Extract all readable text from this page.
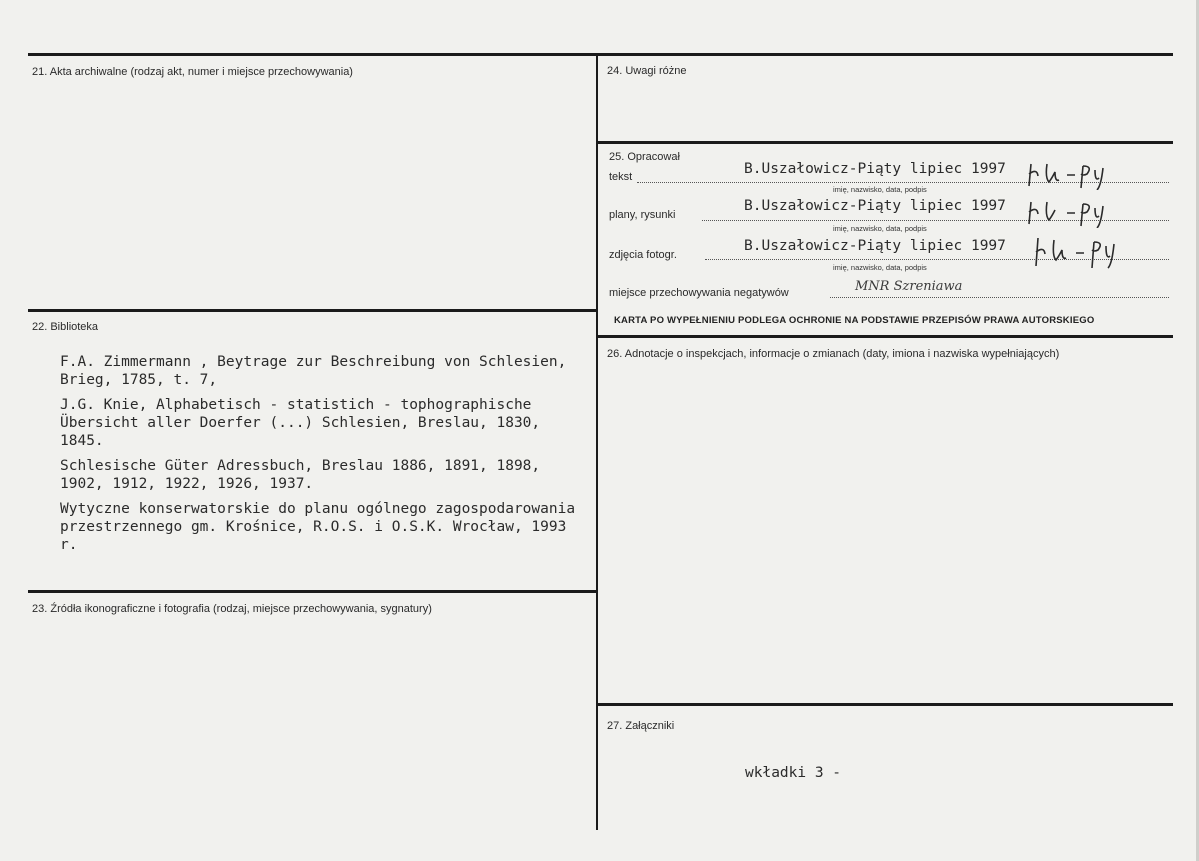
21. Akta archiwalne (rodzaj akt, numer i miejsce przechowywania)
22. Biblioteka

F.A. Zimmermann , Beytrage zur Beschreibung von Schlesien, Brieg, 1785, t. 7,

J.G. Knie, Alphabetisch - statistich - tophographische Übersicht aller Doerfer (...) Schlesien, Breslau, 1830, 1845.

Schlesische Güter Adressbuch, Breslau 1886, 1891, 1898, 1902, 1912, 1922, 1926, 1937.

Wytyczne konserwatorskie do planu ogólnego zagospodarowania przestrzennego gm. Krośnice, R.O.S. i O.S.K. Wrocław, 1993 r.

23. Źródła ikonograficzne i fotografia (rodzaj, miejsce przechowywania, sygnatury)
24. Uwagi różne
25. Opracował
tekst	B.Uszałowicz-Piąty lipiec 1997
imię, nazwisko, data, podpis
plany, rysunki
B.Uszałowicz-Piąty lipiec 1997
imię, nazwisko, data, podpis
zdjęcia fotogr.
B.Uszałowicz-Piąty lipiec 1997
imię, nazwisko, data, podpis
miejsce przechowywania negatywów	MNR Szreniawa
KARTA PO WYPEŁNIENIU PODLEGA OCHRONIE NA PODSTAWIE PRZEPISÓW PRAWA AUTORSKIEGO
26. Adnotacje o inspekcjach, informacje o zmianach (daty, imiona i nazwiska wypełniających)
27. Załączniki
wkładki 3 -
